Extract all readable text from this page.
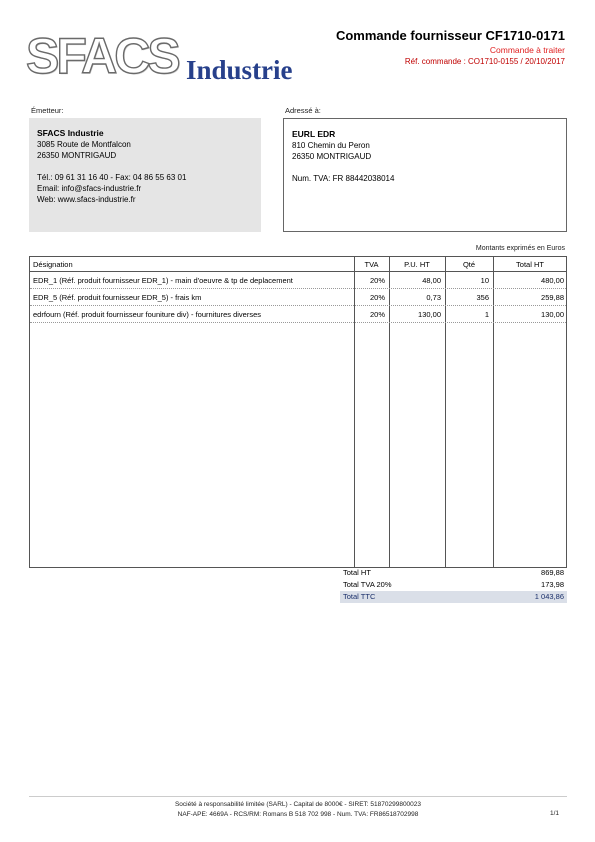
SFACS Industrie
Commande fournisseur CF1710-0171
Commande à traiter
Réf. commande : CO1710-0155 / 20/10/2017
Émetteur:	Adressé à:
SFACS Industrie
3085 Route de Montfalcon
26350 MONTRIGAUD
Tél.: 09 61 31 16 40 - Fax: 04 86 55 63 01
Email: info@sfacs-industrie.fr
Web: www.sfacs-industrie.fr
EURL EDR
810 Chemin du Peron
26350 MONTRIGAUD
Num. TVA: FR 88442038014
Montants exprimés en Euros
Désignation	TVA	P.U. HT	Qté	Total HT
EDR_1 (Réf. produit fournisseur EDR_1) - main d'oeuvre & tp de deplacement	20%	48,00	10	480,00
EDR_5 (Réf. produit fournisseur EDR_5) - frais km	20%	0,73	356	259,88
edrfourn (Réf. produit fournisseur founiture div) - fournitures diverses	20%	130,00	1	130,00
Total HT	869,88
Total TVA 20%	173,98
Total TTC	1 043,86
Société à responsabilité limitée (SARL) - Capital de 8000€ - SIRET: 51870299800023
NAF-APE: 4669A - RCS/RM: Romans B 518 702 998 - Num. TVA: FR86518702998	1/1
